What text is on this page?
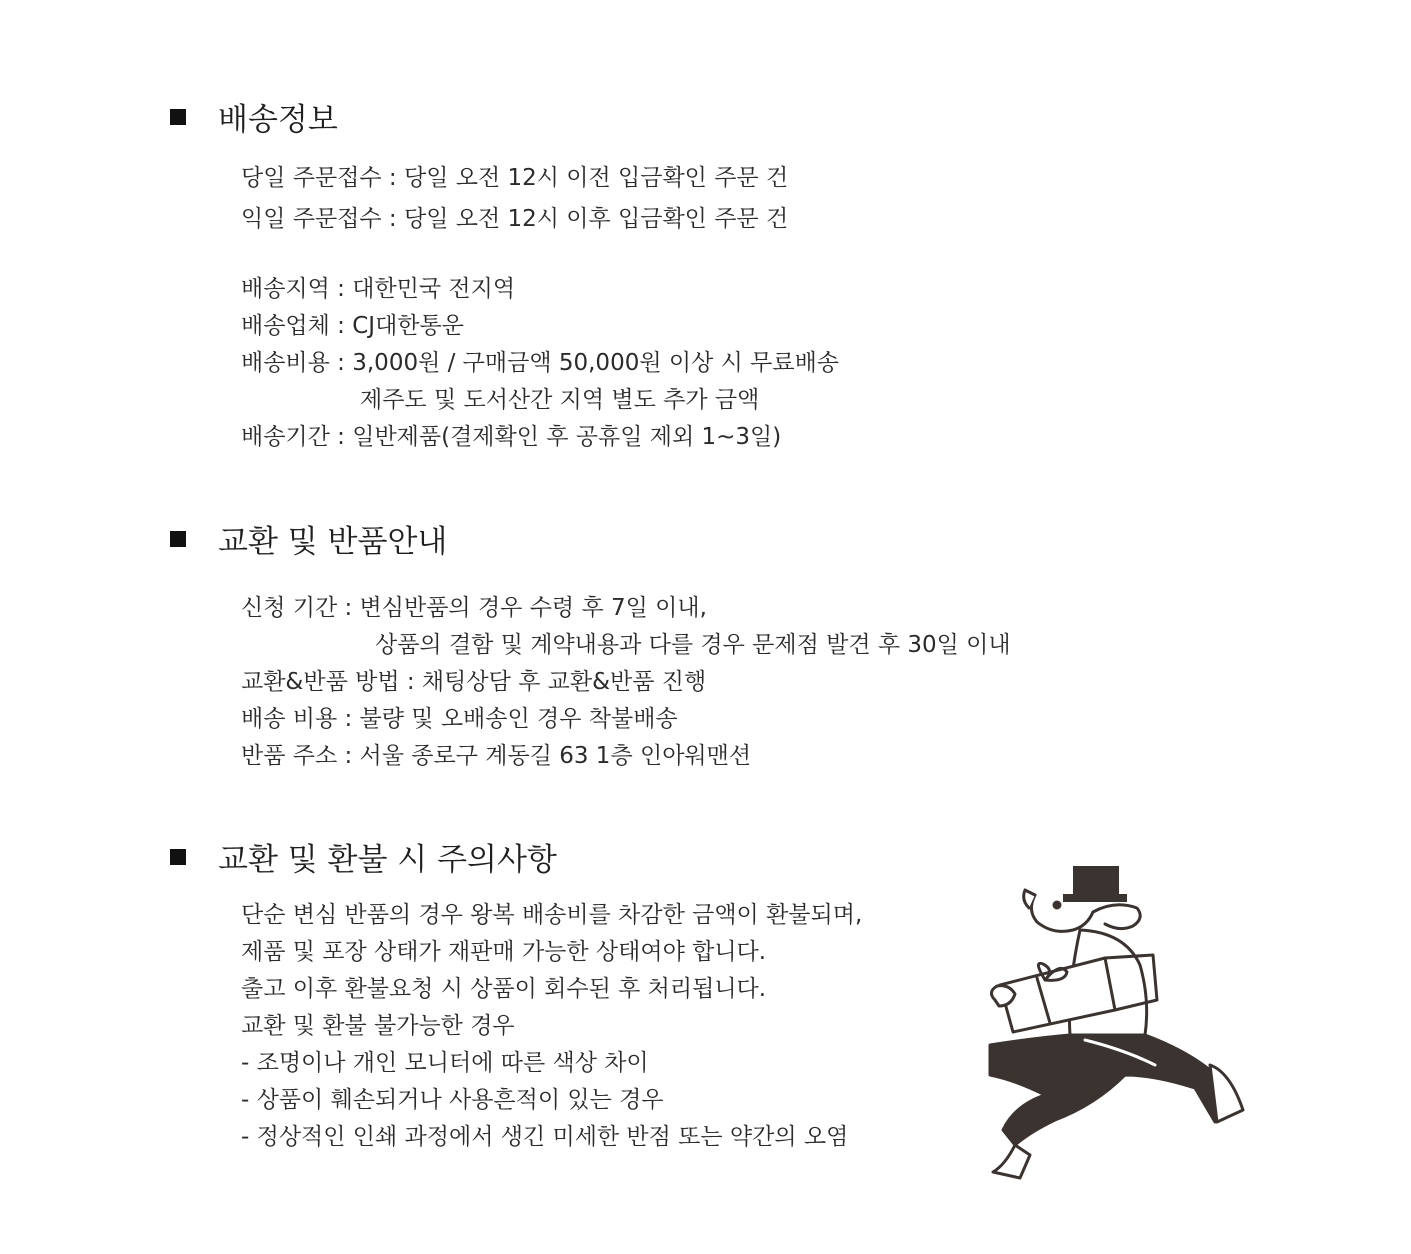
배송정보
당일 주문접수 : 당일 오전 12시 이전 입금확인 주문 건
익일 주문접수 : 당일 오전 12시 이후 입금확인 주문 건
배송지역 : 대한민국 전지역
배송업체 : CJ대한통운
배송비용 : 3,000원 / 구매금액 50,000원 이상 시 무료배송
제주도 및 도서산간 지역 별도 추가 금액
배송기간 : 일반제품(결제확인 후 공휴일 제외 1~3일)
교환 및 반품안내
신청 기간 : 변심반품의 경우 수령 후 7일 이내,
상품의 결함 및 계약내용과 다를 경우 문제점 발견 후 30일 이내
교환&반품 방법 : 채팅상담 후 교환&반품 진행
배송 비용 : 불량 및 오배송인 경우 착불배송
반품 주소 : 서울 종로구 계동길 63 1층 인아워맨션
교환 및 환불 시 주의사항
단순 변심 반품의 경우 왕복 배송비를 차감한 금액이 환불되며,
제품 및 포장 상태가 재판매 가능한 상태여야 합니다.
출고 이후 환불요청 시 상품이 회수된 후 처리됩니다.
교환 및 환불 불가능한 경우
- 조명이나 개인 모니터에 따른 색상 차이
- 상품이 훼손되거나 사용흔적이 있는 경우
- 정상적인 인쇄 과정에서 생긴 미세한 반점 또는 약간의 오염
